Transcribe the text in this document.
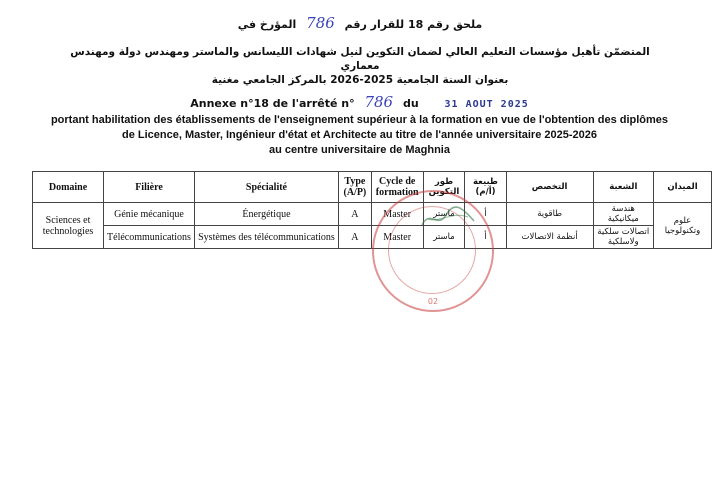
ملحق رقم 18 للقرار رقم 786 المؤرخ في
المتضمّن تأهيل مؤسسات التعليم العالي لضمان التكوين لنيل شهادات الليسانس والماستر ومهندس دولة ومهندس معماري
بعنوان السنة الجامعية 2025-2026 بالمركز الجامعي مغنية
Annexe n°18 de l'arrêté n° 786 du	31 AOUT 2025
portant habilitation des établissements de l'enseignement supérieur à la formation en vue de l'obtention des diplômes
de Licence, Master, Ingénieur d'état et Architecte au titre de l'année universitaire 2025-2026
au centre universitaire de Maghnia
Domaine	Filière	Spécialité	Type (A/P)	Cycle de formation	طور التكوين	طبيعة (أ/م)	التخصص	الشعبة	الميدان
Sciences et technologies	Génie mécanique	Énergétique	A	Master	ماستر	أ	طاقوية	هندسة ميكانيكية	علوم وتكنولوجيا
	Télécommunications	Systèmes des télécommunications	A	Master	ماستر	أ	أنظمة الاتصالات	اتصالات سلكية ولاسلكية	
02
